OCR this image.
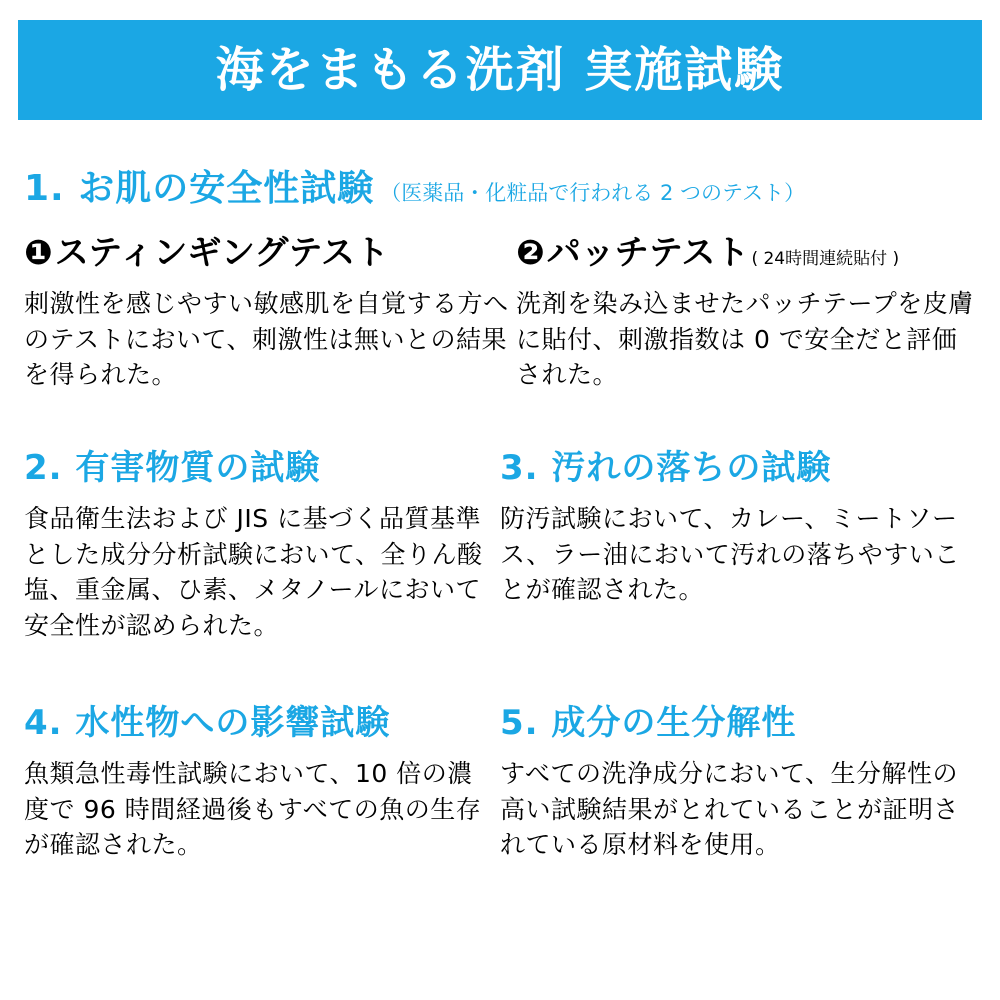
海をまもる洗剤 実施試験
1. お肌の安全性試験 （医薬品・化粧品で行われる 2 つのテスト）
❶ スティンギングテスト
刺激性を感じやすい敏感肌を自覚する方へのテストにおいて、刺激性は無いとの結果を得られた。
❷ パッチテスト ( 24時間連続貼付 )
洗剤を染み込ませたパッチテープを皮膚に貼付、刺激指数は 0 で安全だと評価された。
2. 有害物質の試験
食品衛生法および JIS に基づく品質基準とした成分分析試験において、全りん酸塩、重金属、ひ素、メタノールにおいて安全性が認められた。
3. 汚れの落ちの試験
防汚試験において、カレー、ミートソース、ラー油において汚れの落ちやすいことが確認された。
4. 水性物への影響試験
魚類急性毒性試験において、10 倍の濃度で 96 時間経過後もすべての魚の生存が確認された。
5. 成分の生分解性
すべての洗浄成分において、生分解性の高い試験結果がとれていることが証明されている原材料を使用。
